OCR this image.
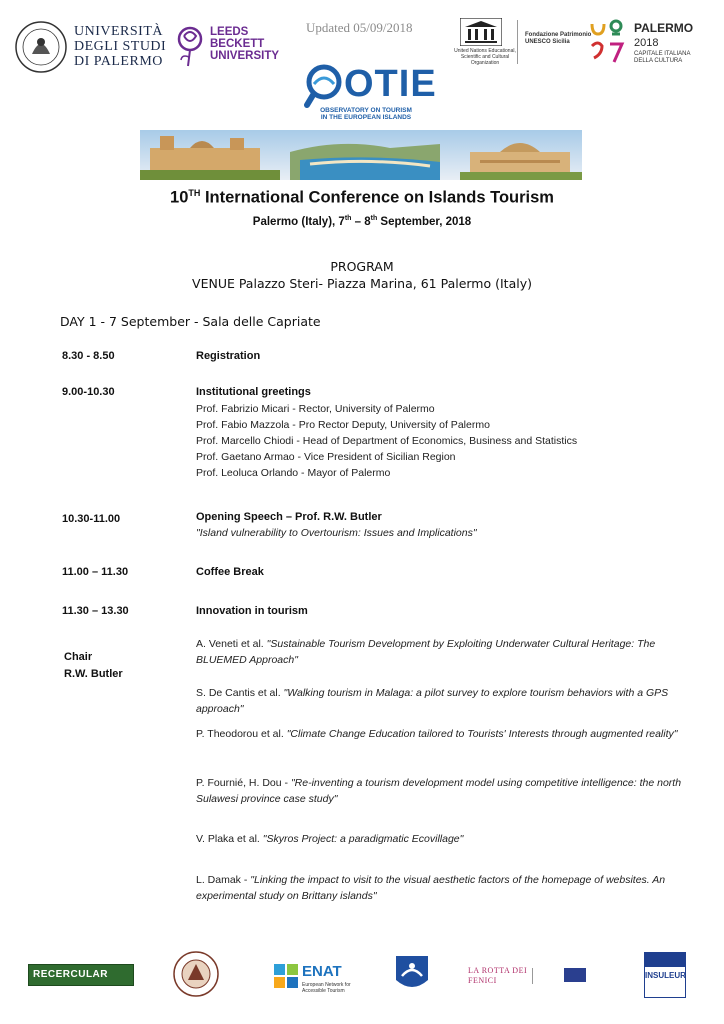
UNIVERSITÀ
DEGLI STUDI
DI PALERMO
LEEDS
BECKETT
UNIVERSITY
Updated 05/09/2018
United Nations Educational, Scientific and Cultural Organization
Fondazione Patrimonio UNESCO Sicilia
PALERMO
2018
CAPITALE ITALIANA DELLA CULTURA
OTIE
OBSERVATORY ON TOURISM IN THE EUROPEAN ISLANDS
10TH International Conference on Islands Tourism
Palermo (Italy), 7th – 8th September, 2018
PROGRAM
VENUE Palazzo Steri- Piazza Marina, 61 Palermo (Italy)
DAY 1 - 7 September - Sala delle Capriate
8.30 - 8.50	Registration
9.00-10.30	Institutional greetings
Prof. Fabrizio Micari - Rector, University of Palermo
Prof. Fabio Mazzola - Pro Rector Deputy, University of Palermo
Prof. Marcello Chiodi - Head of Department of Economics, Business and Statistics
Prof. Gaetano Armao - Vice President of Sicilian Region
Prof. Leoluca Orlando - Mayor of Palermo
10.30-11.00	Opening Speech – Prof. R.W. Butler
"Island vulnerability to Overtourism: Issues and Implications"
11.00 – 11.30	Coffee Break
11.30 – 13.30	Innovation in tourism
Chair
R.W. Butler
A. Veneti et al. "Sustainable Tourism Development by Exploiting Underwater Cultural Heritage: The BLUEMED Approach"
S. De Cantis et al. "Walking tourism in Malaga: a pilot survey to explore tourism behaviors with a GPS approach"
P. Theodorou et al. "Climate Change Education tailored to Tourists' Interests through augmented reality"
P. Fournié, H. Dou - "Re-inventing a tourism development model using competitive intelligence: the north Sulawesi province case study"
V. Plaka et al. "Skyros Project: a paradigmatic Ecovillage"
L. Damak - "Linking the impact to visit to the visual aesthetic factors of the homepage of websites. An experimental study on Brittany islands"
RECERCULAR	ENAT
European Network for Accessible Tourism
LA ROTTA DEI FENICI
INSULEUR
